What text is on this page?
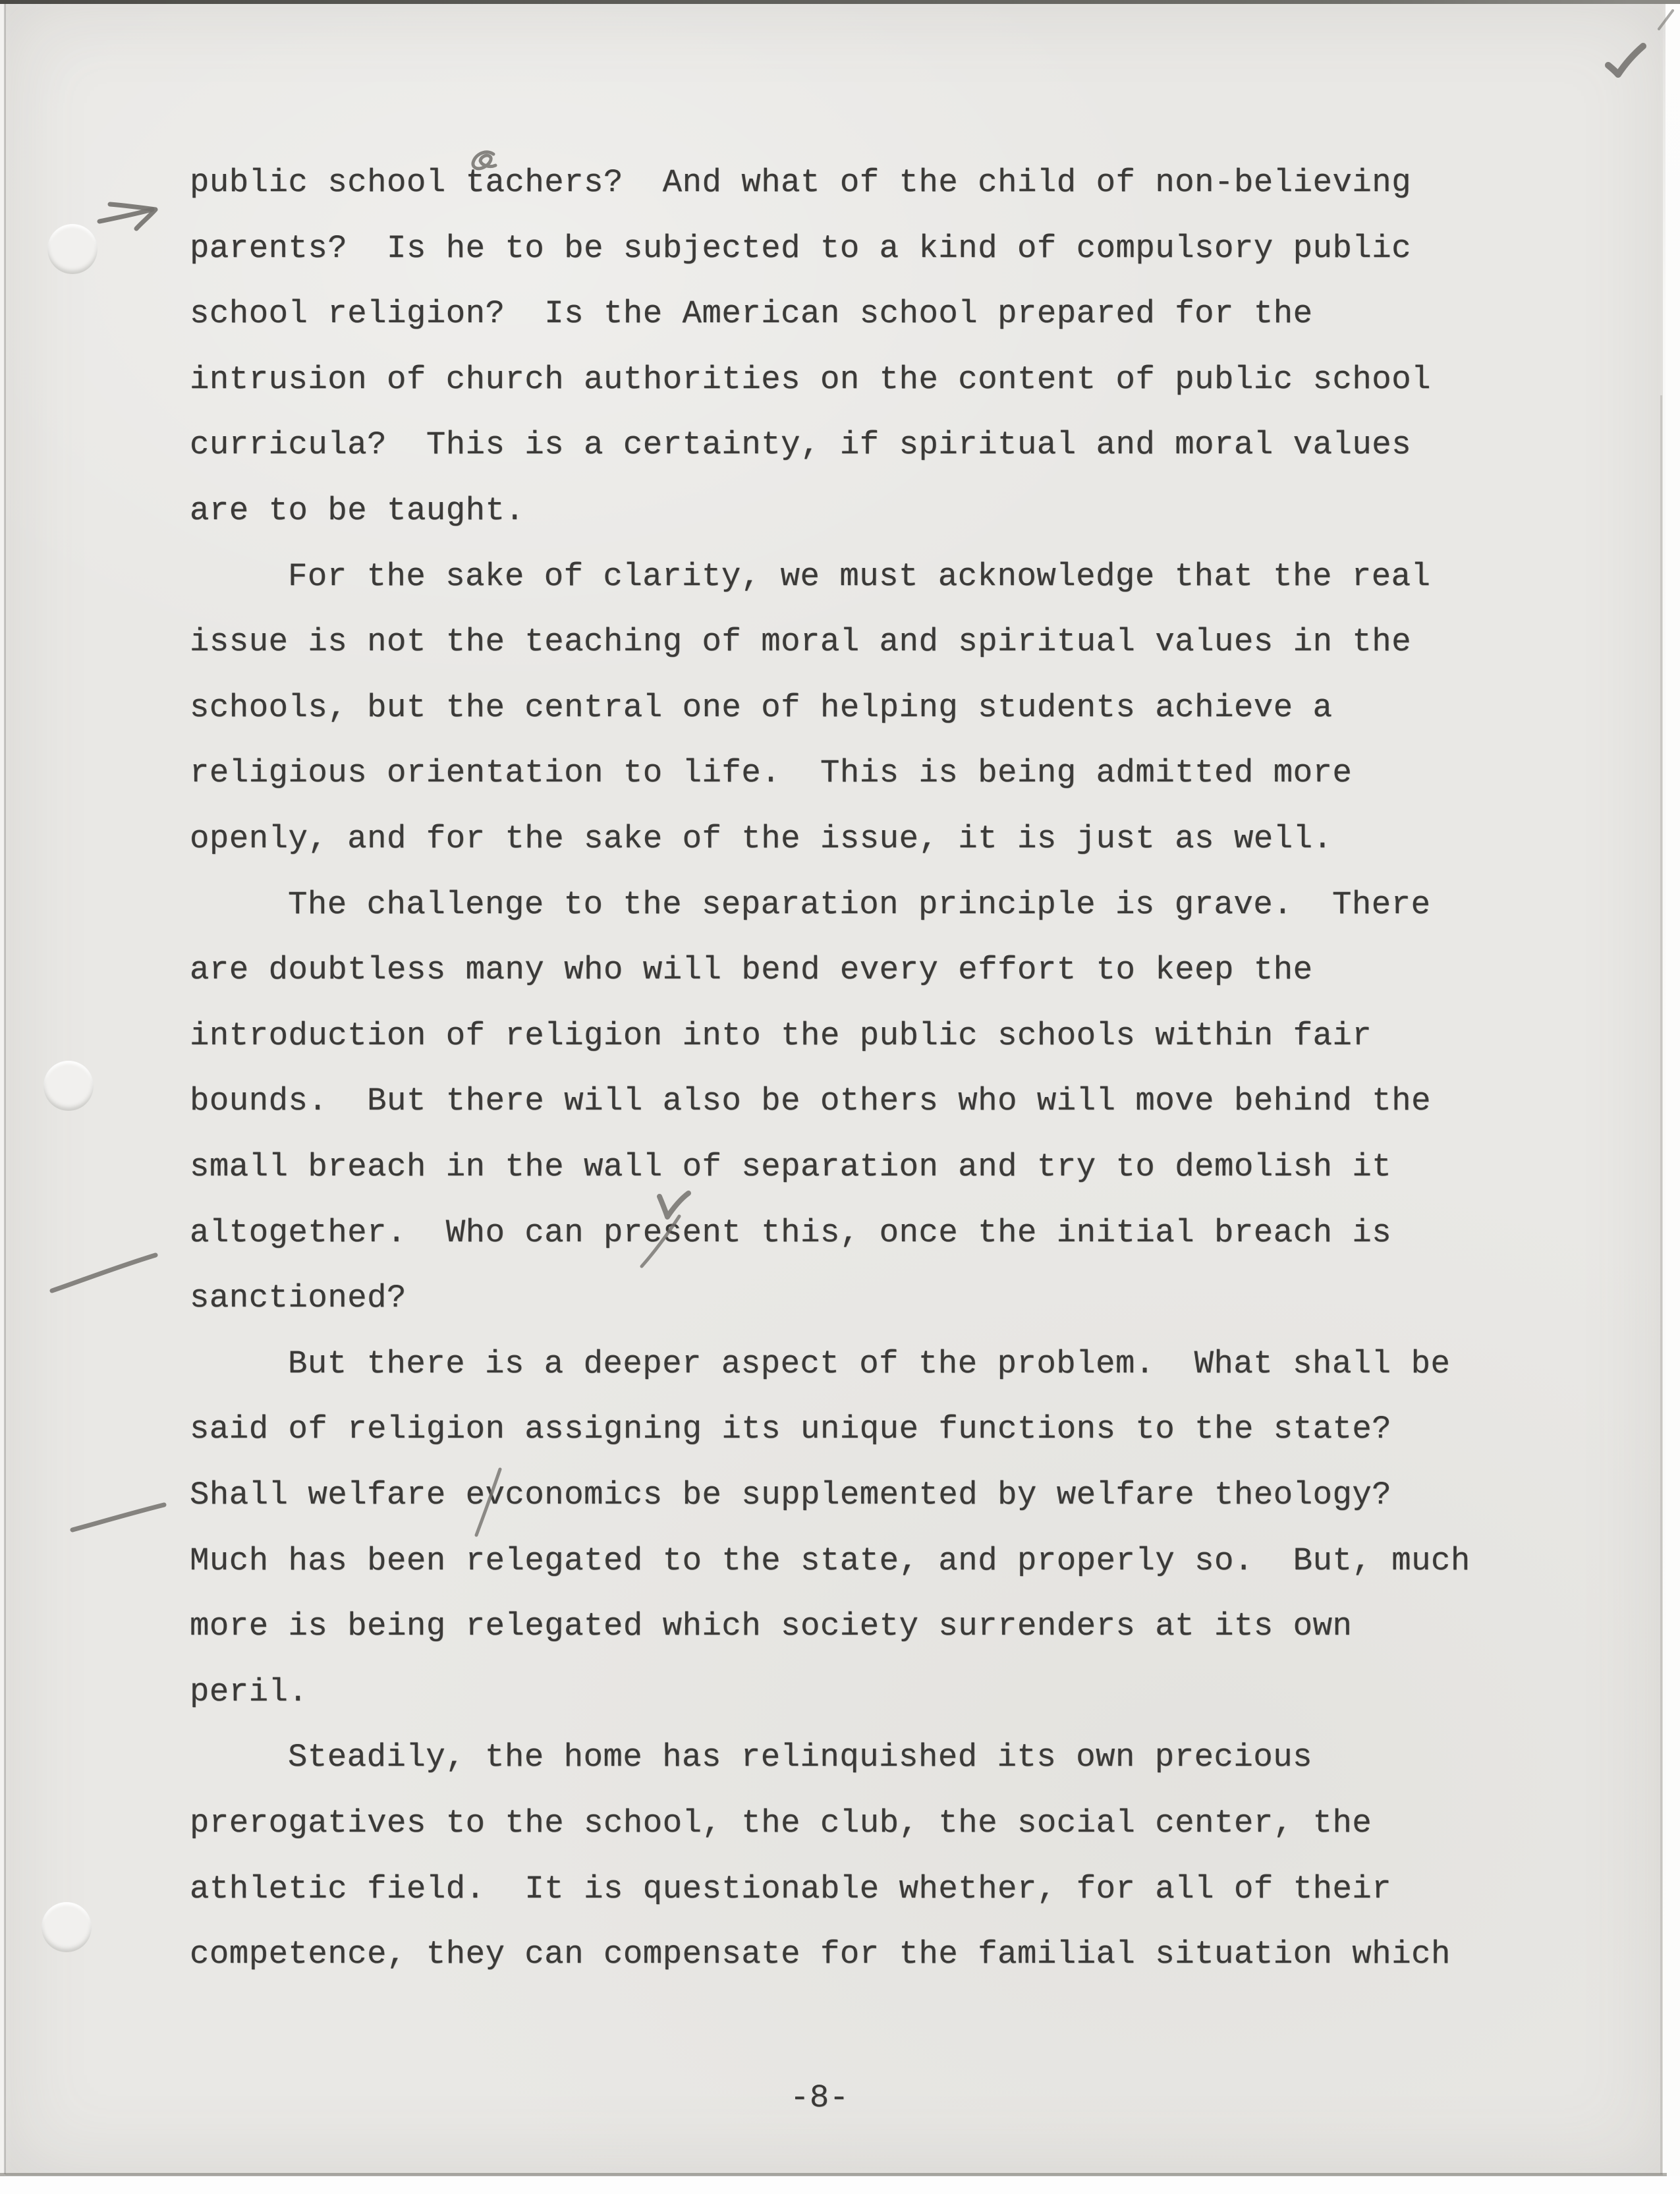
public school tachers?  And what of the child of non-believing
parents?  Is he to be subjected to a kind of compulsory public
school religion?  Is the American school prepared for the
intrusion of church authorities on the content of public school
curricula?  This is a certainty, if spiritual and moral values
are to be taught.
For the sake of clarity, we must acknowledge that the real
issue is not the teaching of moral and spiritual values in the
schools, but the central one of helping students achieve a
religious orientation to life.  This is being admitted more
openly, and for the sake of the issue, it is just as well.
The challenge to the separation principle is grave.  There
are doubtless many who will bend every effort to keep the
introduction of religion into the public schools within fair
bounds.  But there will also be others who will move behind the
small breach in the wall of separation and try to demolish it
altogether.  Who can present this, once the initial breach is
sanctioned?
But there is a deeper aspect of the problem.  What shall be
said of religion assigning its unique functions to the state?
Shall welfare evconomics be supplemented by welfare theology?
Much has been relegated to the state, and properly so.  But, much
more is being relegated which society surrenders at its own
peril.
Steadily, the home has relinquished its own precious
prerogatives to the school, the club, the social center, the
athletic field.  It is questionable whether, for all of their
competence, they can compensate for the familial situation which
-8-
